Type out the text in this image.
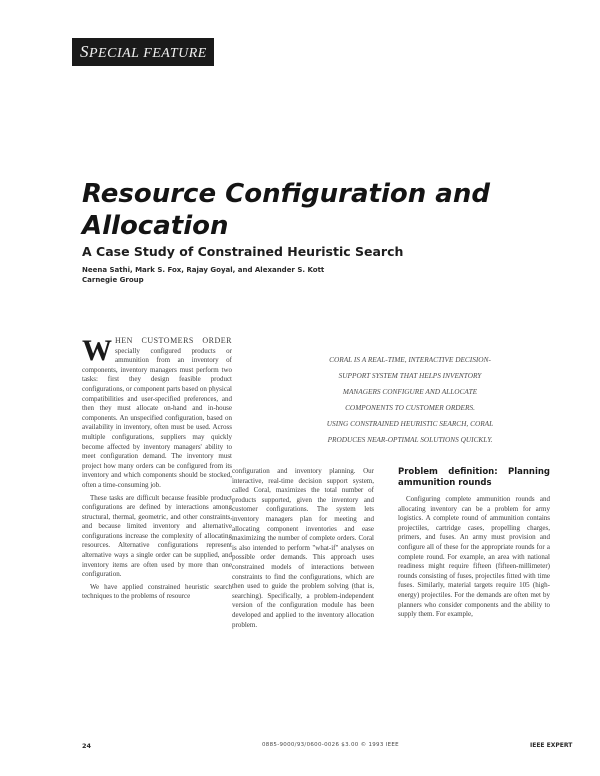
SPECIAL FEATURE
Resource Configuration and
Allocation
A Case Study of Constrained Heuristic Search
Neena Sathi, Mark S. Fox, Rajay Goyal, and Alexander S. Kott
Carnegie Group
CORAL IS A REAL-TIME, INTERACTIVE DECISION-
SUPPORT SYSTEM THAT HELPS INVENTORY
MANAGERS CONFIGURE AND ALLOCATE
COMPONENTS TO CUSTOMER ORDERS.
USING CONSTRAINED HEURISTIC SEARCH, CORAL
PRODUCES NEAR-OPTIMAL SOLUTIONS QUICKLY.

WHEN CUSTOMERS ORDER specially configured products or ammunition from an inventory of components, inventory managers must perform two tasks: first they design feasible product configurations, or component parts based on physical compatibilities and user-specified preferences, and then they must allocate on-hand and in-house components. An unspecified configuration, based on availability in inventory, often must be used. Across multiple configurations, suppliers may quickly become affected by inventory managers' ability to meet configuration demand. The inventory must project how many orders can be configured from its inventory and which components should be stocked, often a time-consuming job.

These tasks are difficult because feasible product configurations are defined by interactions among structural, thermal, geometric, and other constraints, and because limited inventory and alternative configurations increase the complexity of allocating resources. Alternative configurations represent alternative ways a single order can be supplied, and inventory items are often used by more than one configuration.

We have applied constrained heuristic search techniques to the problems of resource

configuration and inventory planning. Our interactive, real-time decision support system, called Coral, maximizes the total number of products supported, given the inventory and customer configurations. The system lets inventory managers plan for meeting and allocating component inventories and ease maximizing the number of complete orders. Coral is also intended to perform "what-if" analyses on possible order demands. This approach uses constrained models of interactions between constraints to find the configurations, which are then used to guide the problem solving (that is, searching). Specifically, a problem-independent version of the configuration module has been developed and applied to the inventory allocation problem.

Problem definition: Planning ammunition rounds

Configuring complete ammunition rounds and allocating inventory can be a problem for army logistics. A complete round of ammunition contains projectiles, cartridge cases, propelling charges, primers, and fuses. An army must provision and configure all of these for the appropriate rounds for a complete round. For example, an area with national readiness might require fifteen (fifteen-millimeter) rounds consisting of fuses, projectiles fitted with time fuses. Similarly, material targets require 105 (high-energy) projectiles. For the demands are often met by planners who consider components and the ability to supply them. For example,

24	0885-9000/93/0600-0026 $3.00 © 1993 IEEE	IEEE EXPERT
